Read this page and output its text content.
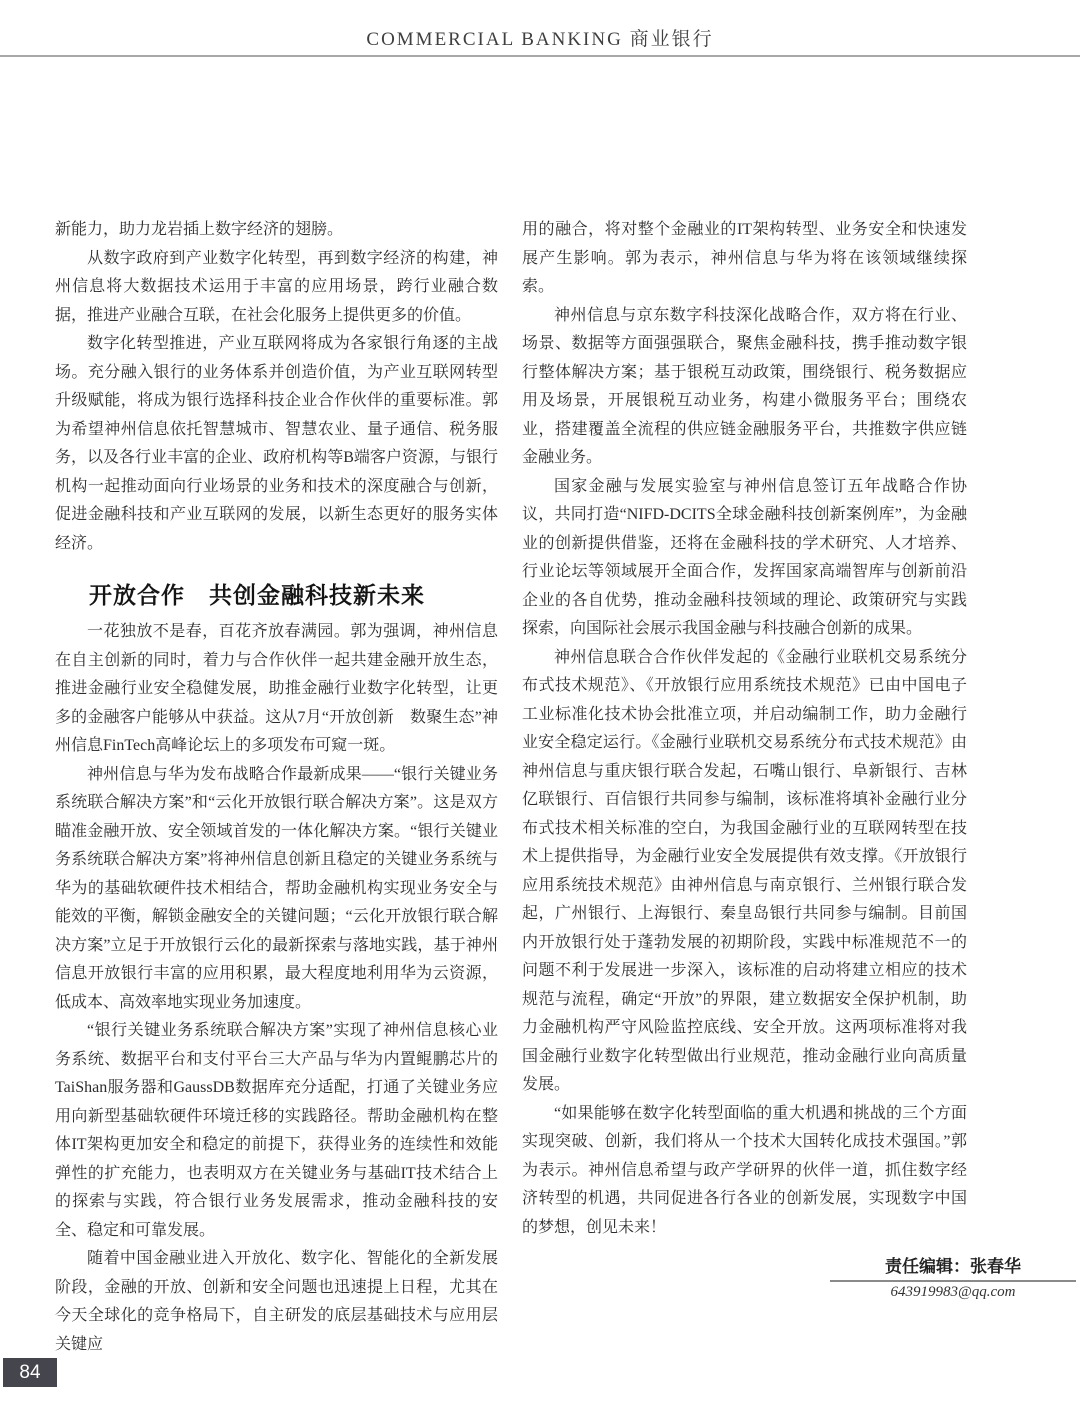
COMMERCIAL BANKING 商业银行

新能力，助力龙岩插上数字经济的翅膀。

从数字政府到产业数字化转型，再到数字经济的构建，神州信息将大数据技术运用于丰富的应用场景，跨行业融合数据，推进产业融合互联，在社会化服务上提供更多的价值。

数字化转型推进，产业互联网将成为各家银行角逐的主战场。充分融入银行的业务体系并创造价值，为产业互联网转型升级赋能，将成为银行选择科技企业合作伙伴的重要标准。郭为希望神州信息依托智慧城市、智慧农业、量子通信、税务服务，以及各行业丰富的企业、政府机构等B端客户资源，与银行机构一起推动面向行业场景的业务和技术的深度融合与创新，促进金融科技和产业互联网的发展，以新生态更好的服务实体经济。

开放合作　共创金融科技新未来

一花独放不是春，百花齐放春满园。郭为强调，神州信息在自主创新的同时，着力与合作伙伴一起共建金融开放生态，推进金融行业安全稳健发展，助推金融行业数字化转型，让更多的金融客户能够从中获益。这从7月“开放创新　数聚生态”神州信息FinTech高峰论坛上的多项发布可窥一斑。

神州信息与华为发布战略合作最新成果——“银行关键业务系统联合解决方案”和“云化开放银行联合解决方案”。这是双方瞄准金融开放、安全领域首发的一体化解决方案。“银行关键业务系统联合解决方案”将神州信息创新且稳定的关键业务系统与华为的基础软硬件技术相结合，帮助金融机构实现业务安全与能效的平衡，解锁金融安全的关键问题；“云化开放银行联合解决方案”立足于开放银行云化的最新探索与落地实践，基于神州信息开放银行丰富的应用积累，最大程度地利用华为云资源，低成本、高效率地实现业务加速度。

“银行关键业务系统联合解决方案”实现了神州信息核心业务系统、数据平台和支付平台三大产品与华为内置鲲鹏芯片的TaiShan服务器和GaussDB数据库充分适配，打通了关键业务应用向新型基础软硬件环境迁移的实践路径。帮助金融机构在整体IT架构更加安全和稳定的前提下，获得业务的连续性和效能弹性的扩充能力，也表明双方在关键业务与基础IT技术结合上的探索与实践，符合银行业务发展需求，推动金融科技的安全、稳定和可靠发展。

随着中国金融业进入开放化、数字化、智能化的全新发展阶段，金融的开放、创新和安全问题也迅速提上日程，尤其在今天全球化的竞争格局下，自主研发的底层基础技术与应用层关键应

用的融合，将对整个金融业的IT架构转型、业务安全和快速发展产生影响。郭为表示，神州信息与华为将在该领域继续探索。

神州信息与京东数字科技深化战略合作，双方将在行业、场景、数据等方面强强联合，聚焦金融科技，携手推动数字银行整体解决方案；基于银税互动政策，围绕银行、税务数据应用及场景，开展银税互动业务，构建小微服务平台；围绕农业，搭建覆盖全流程的供应链金融服务平台，共推数字供应链金融业务。

国家金融与发展实验室与神州信息签订五年战略合作协议，共同打造“NIFD-DCITS全球金融科技创新案例库”，为金融业的创新提供借鉴，还将在金融科技的学术研究、人才培养、行业论坛等领域展开全面合作，发挥国家高端智库与创新前沿企业的各自优势，推动金融科技领域的理论、政策研究与实践探索，向国际社会展示我国金融与科技融合创新的成果。

神州信息联合合作伙伴发起的《金融行业联机交易系统分布式技术规范》、《开放银行应用系统技术规范》已由中国电子工业标准化技术协会批准立项，并启动编制工作，助力金融行业安全稳定运行。《金融行业联机交易系统分布式技术规范》由神州信息与重庆银行联合发起，石嘴山银行、阜新银行、吉林亿联银行、百信银行共同参与编制，该标准将填补金融行业分布式技术相关标准的空白，为我国金融行业的互联网转型在技术上提供指导，为金融行业安全发展提供有效支撑。《开放银行应用系统技术规范》由神州信息与南京银行、兰州银行联合发起，广州银行、上海银行、秦皇岛银行共同参与编制。目前国内开放银行处于蓬勃发展的初期阶段，实践中标准规范不一的问题不利于发展进一步深入，该标准的启动将建立相应的技术规范与流程，确定“开放”的界限，建立数据安全保护机制，助力金融机构严守风险监控底线、安全开放。这两项标准将对我国金融行业数字化转型做出行业规范，推动金融行业向高质量发展。

“如果能够在数字化转型面临的重大机遇和挑战的三个方面实现突破、创新，我们将从一个技术大国转化成技术强国。”郭为表示。神州信息希望与政产学研界的伙伴一道，抓住数字经济转型的机遇，共同促进各行各业的创新发展，实现数字中国的梦想，创见未来！

责任编辑：张春华
643919983@qq.com
84
